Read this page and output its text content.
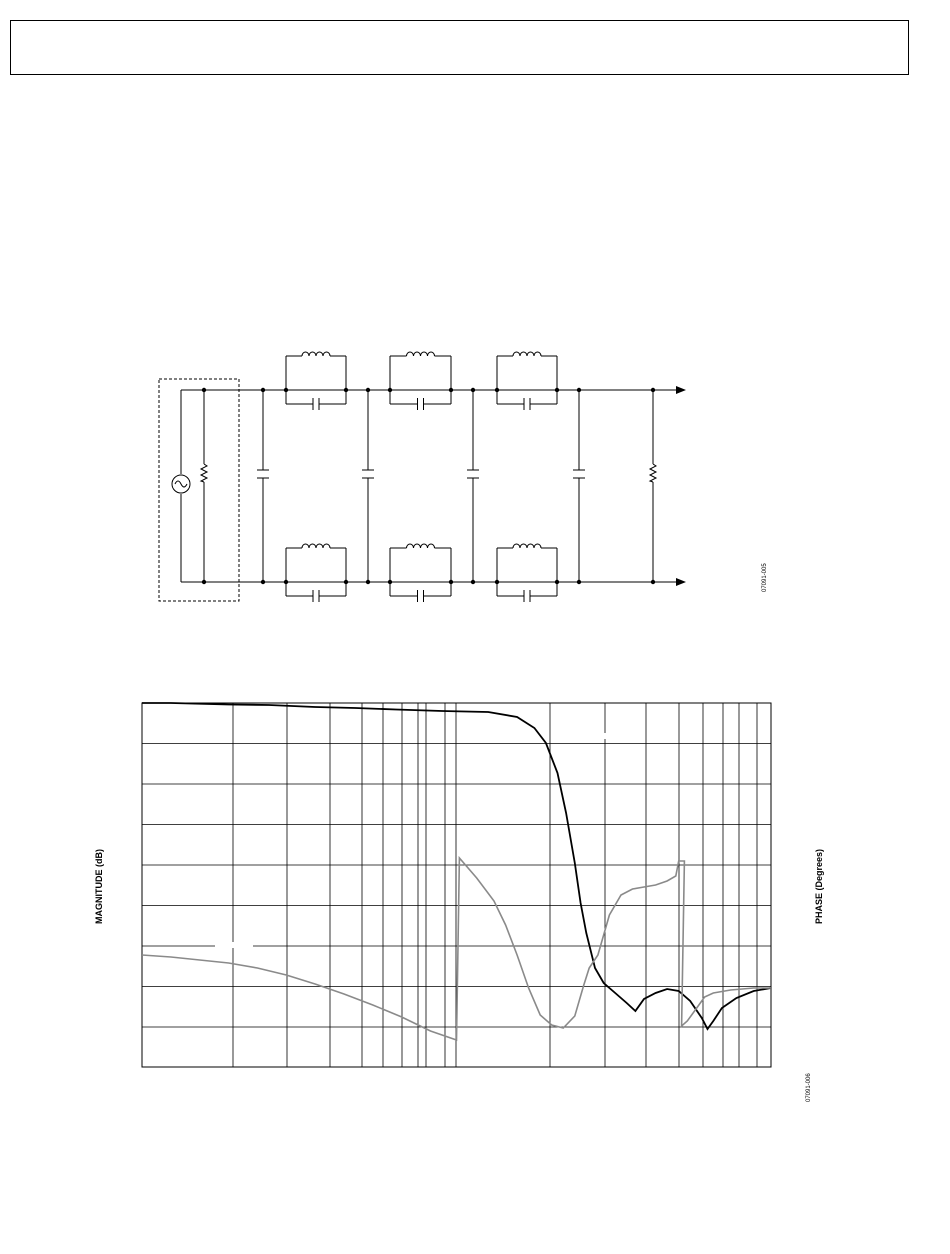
07091-005
MAGNITUDE (dB)	PHASE (Degrees)
07091-006
